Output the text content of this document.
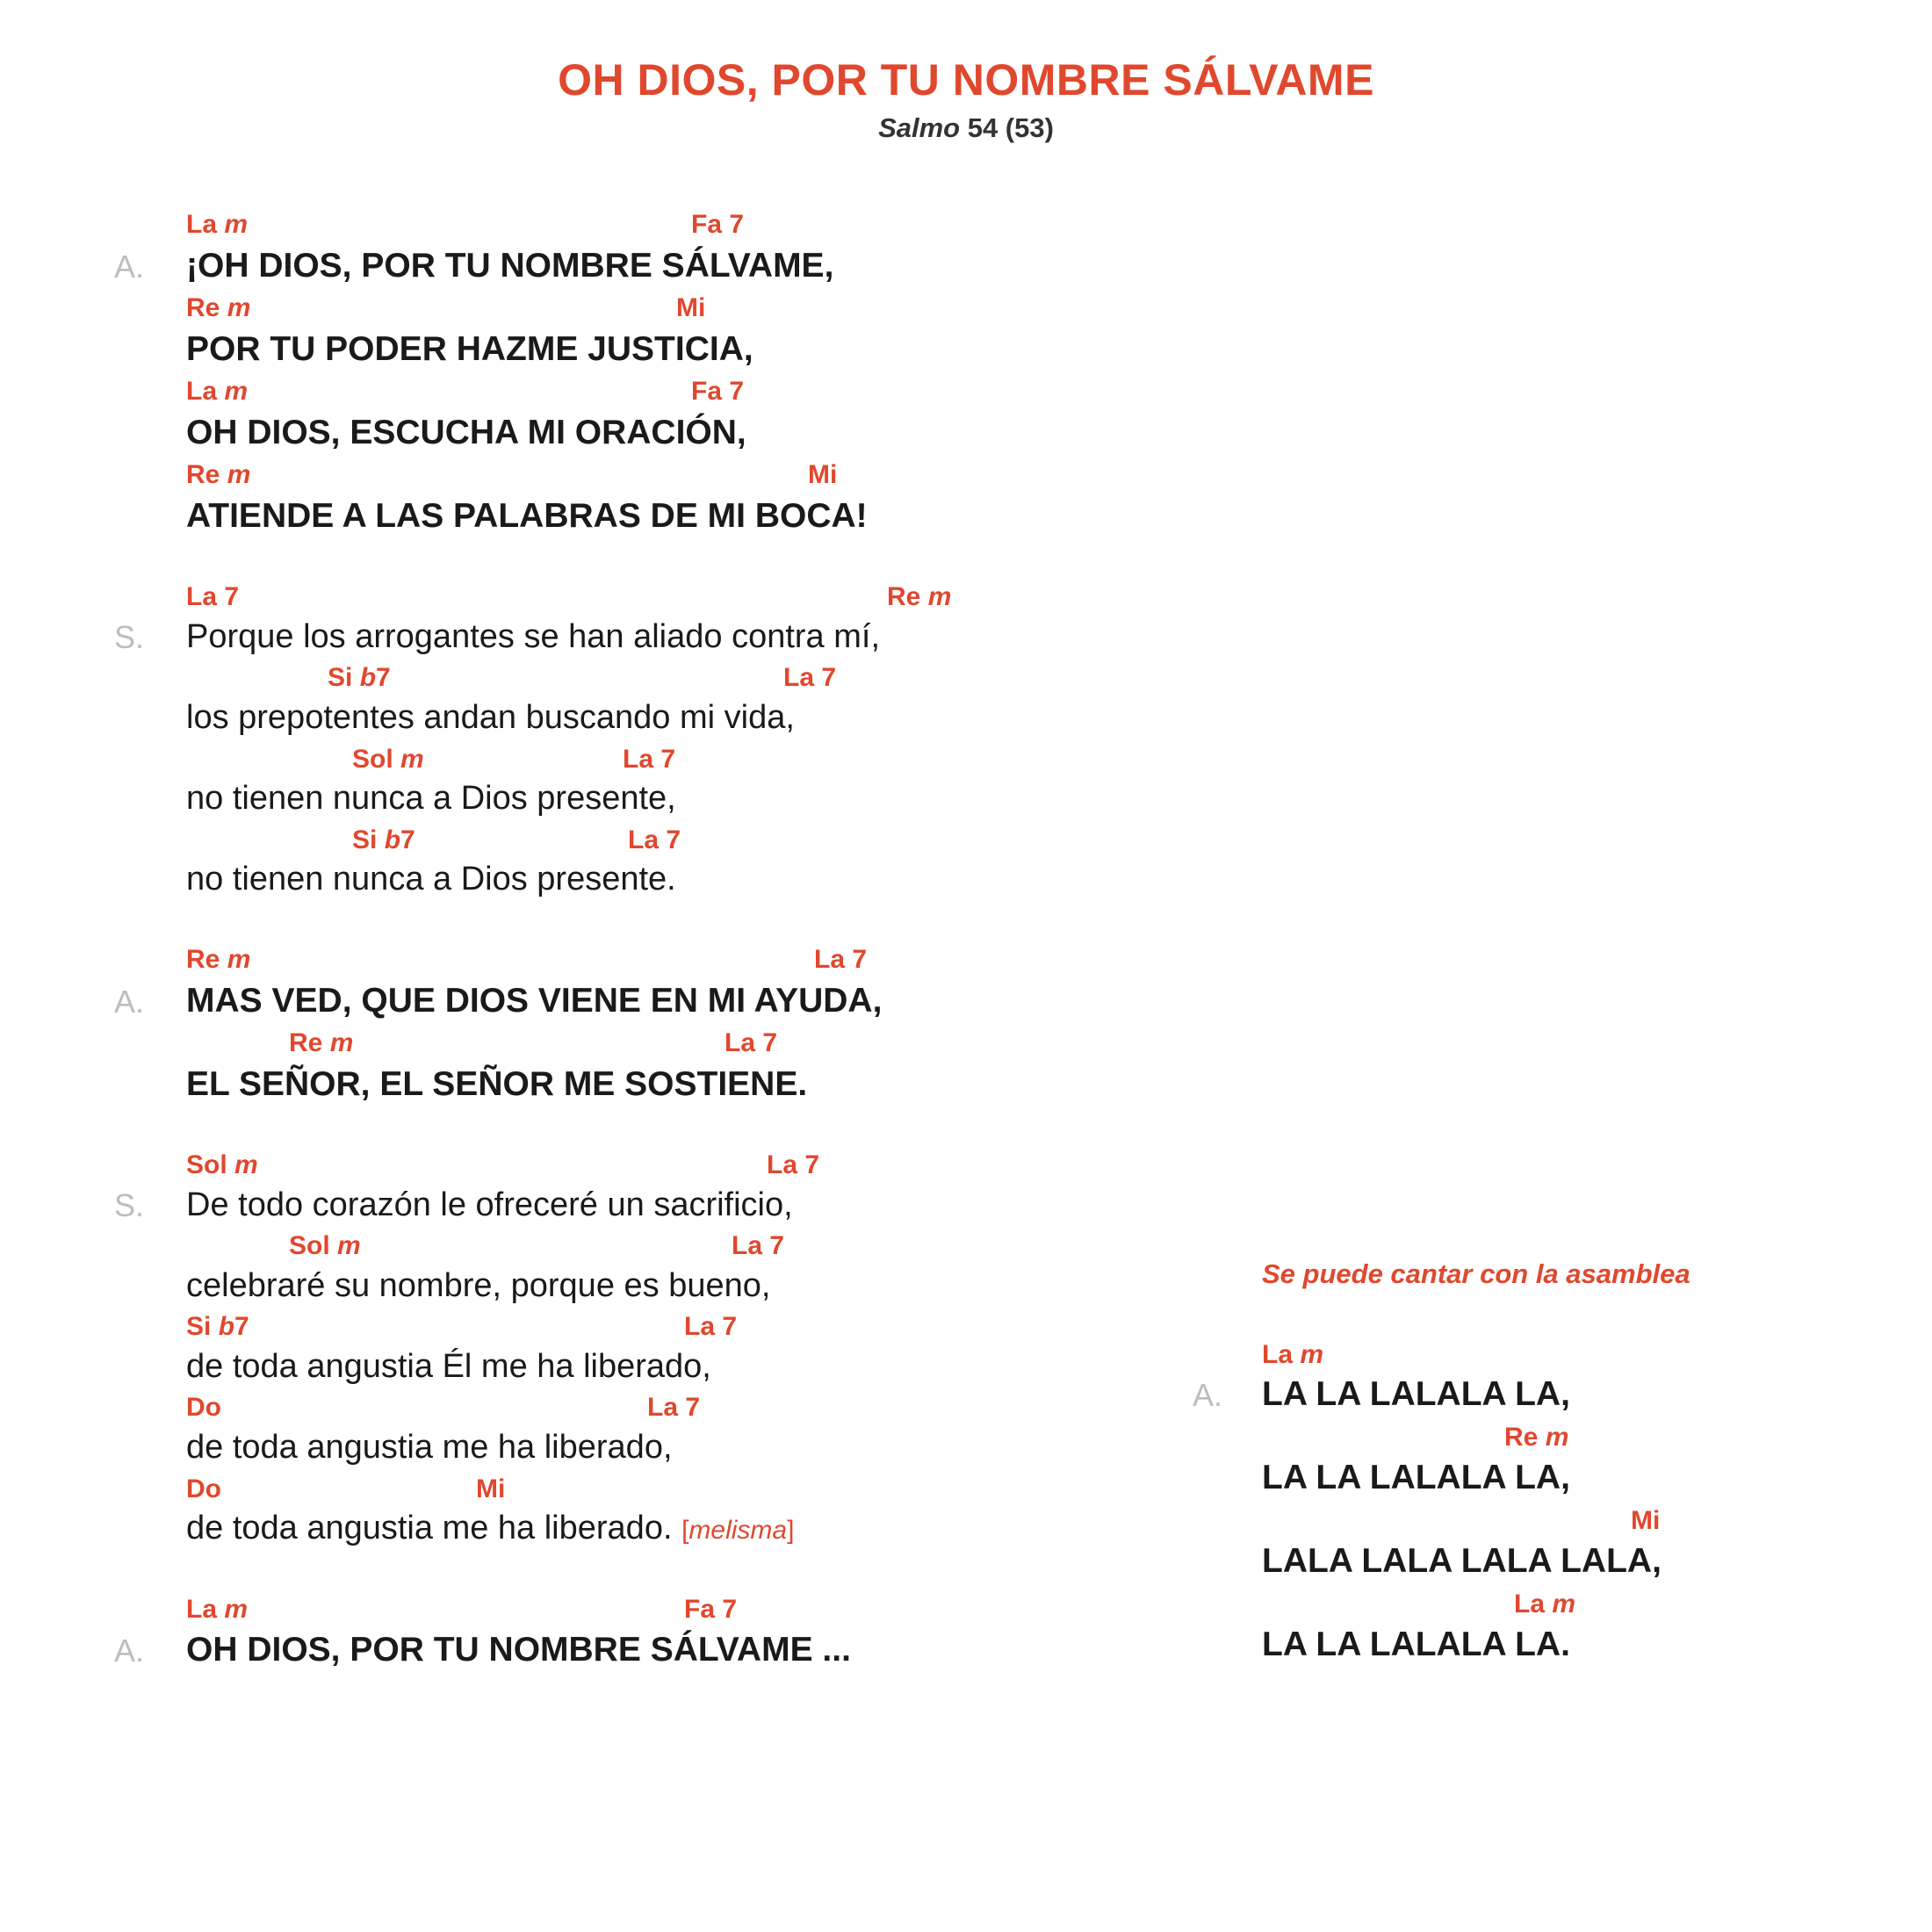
OH DIOS, POR TU NOMBRE SÁLVAME
Salmo 54 (53)
La m	Fa 7
A. ¡OH DIOS, POR TU NOMBRE SÁLVAME,
Re m	Mi
POR TU PODER HAZME JUSTICIA,
La m	Fa 7
OH DIOS, ESCUCHA MI ORACIÓN,
Re m	Mi
ATIENDE A LAS PALABRAS DE MI BOCA!
La 7	Re m
S. Porque los arrogantes se han aliado contra mí,
Si b7	La 7
los prepotentes andan buscando mi vida,
Sol m	La 7
no tienen nunca a Dios presente,
Si b7	La 7
no tienen nunca a Dios presente.
Re m	La 7
A. MAS VED, QUE DIOS VIENE EN MI AYUDA,
Re m	La 7
EL SEÑOR, EL SEÑOR ME SOSTIENE.
Sol m	La 7
S. De todo corazón le ofreceré un sacrificio,
Sol m	La 7
celebraré su nombre, porque es bueno,
Si b7	La 7
de toda angustia Él me ha liberado,
Do	La 7
de toda angustia me ha liberado,
Do	Mi
de toda angustia me ha liberado. [melisma]
La m	Fa 7
A. OH DIOS, POR TU NOMBRE SÁLVAME ...
Se puede cantar con la asamblea
La m
A. LA LA LALALA LA,
Re m
LA LA LALALA LA,
Mi
LALA LALA LALA LALA,
La m
LA LA LALALA LA.
